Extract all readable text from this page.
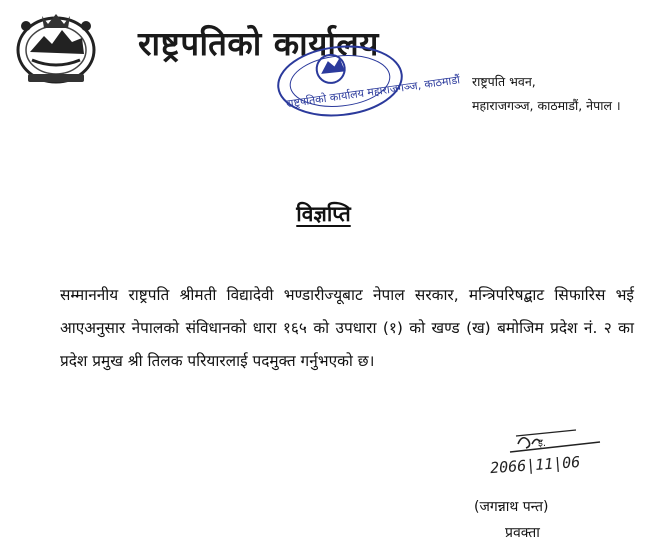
राष्ट्रपतिको कार्यालय
राष्ट्रपतिको कार्यालय महाराजगञ्ज, काठमाडौं राष्ट्रपति भवन,
महाराजगञ्ज, काठमाडौं, नेपाल ।
विज्ञप्ति
सम्माननीय राष्ट्रपति श्रीमती विद्यादेवी भण्डारीज्यूबाट नेपाल सरकार, मन्त्रिपरिषद्बाट सिफारिस भई आएअनुसार नेपालको संविधानको धारा १६५ को उपधारा (१) को खण्ड (ख) बमोजिम प्रदेश नं. २ का प्रदेश प्रमुख श्री तिलक परियारलाई पदमुक्त गर्नुभएको छ।
इ.
2066|11|06
(जगन्नाथ पन्त)
प्रवक्ता
